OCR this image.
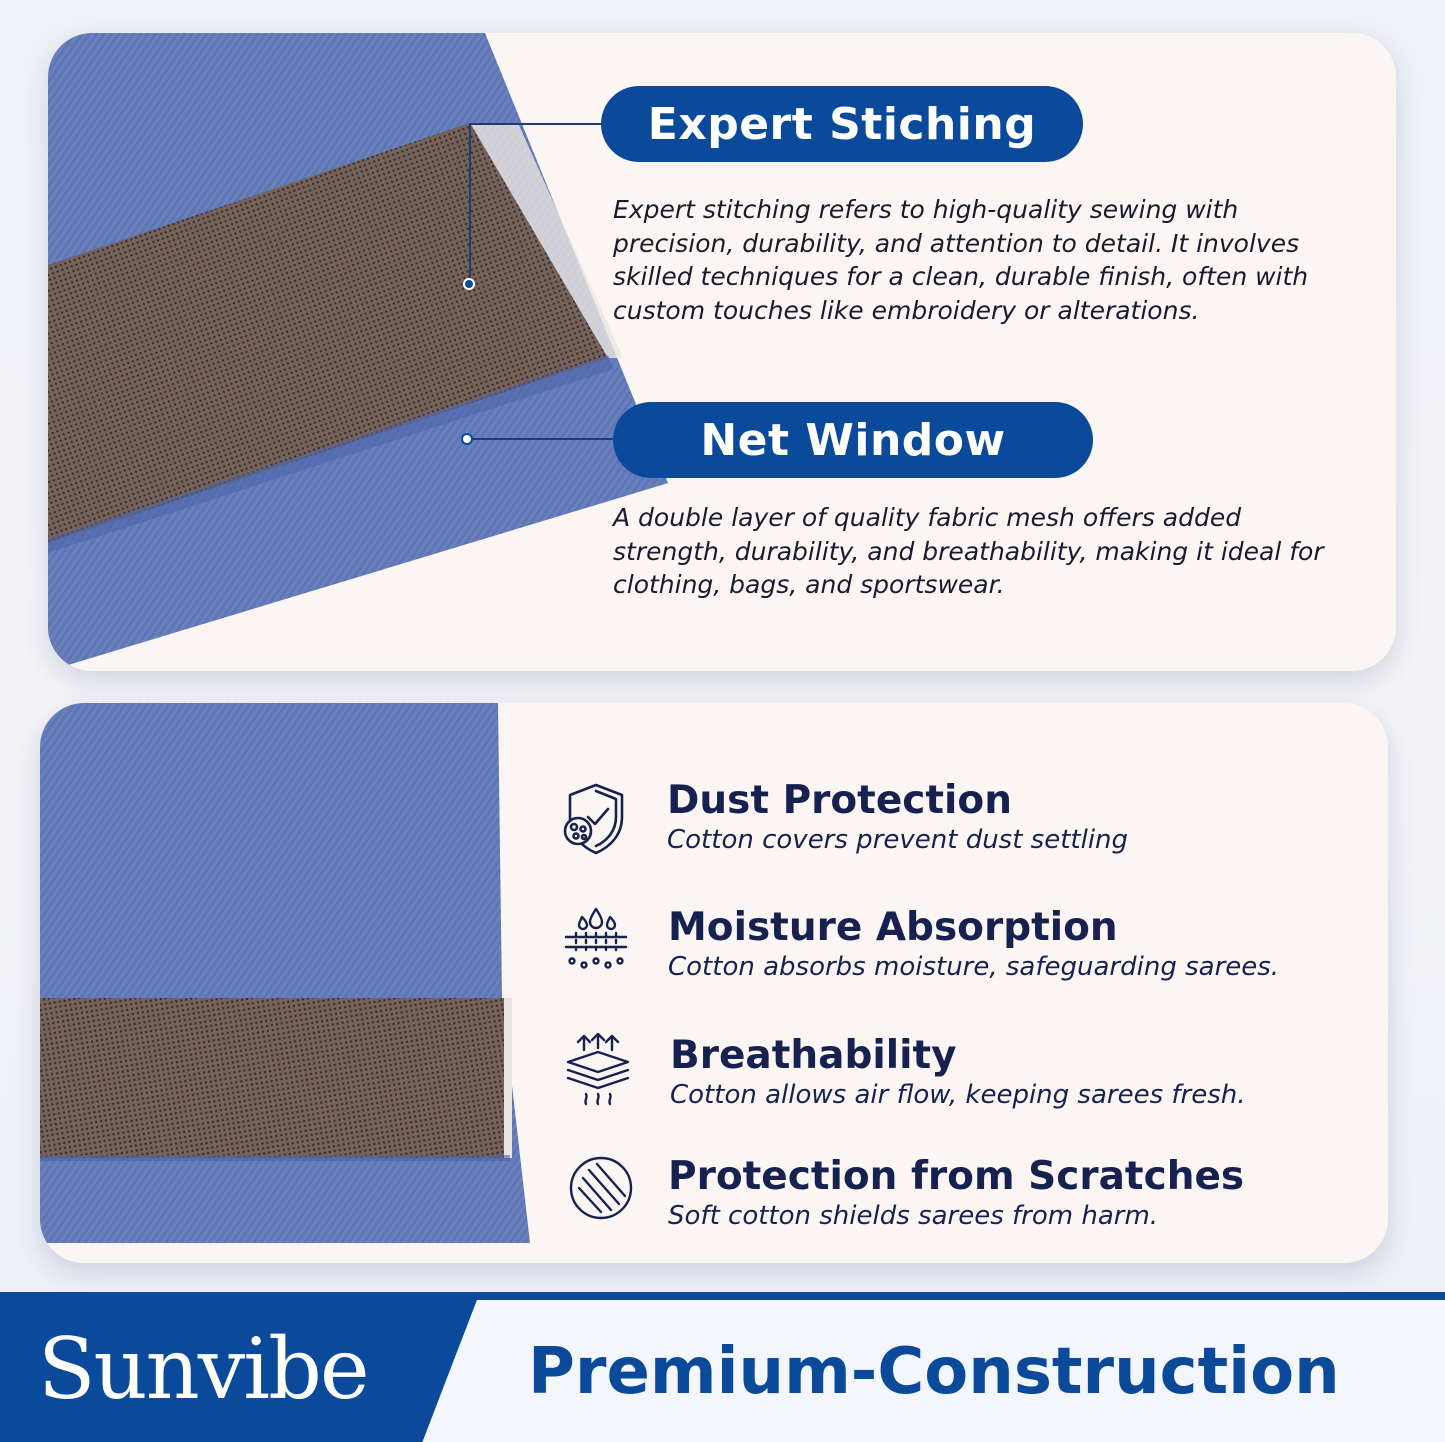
Expert Stiching

Expert stitching refers to high-quality sewing with precision, durability, and attention to detail. It involves skilled techniques for a clean, durable finish, often with custom touches like embroidery or alterations.

Net Window

A double layer of quality fabric mesh offers added strength, durability, and breathability, making it ideal for clothing, bags, and sportswear.

Dust Protection
Cotton covers prevent dust settling
Moisture Absorption
Cotton absorbs moisture, safeguarding sarees.
Breathability
Cotton allows air flow, keeping sarees fresh.
Protection from Scratches
Soft cotton shields sarees from harm.
Sunvibe	Premium-Construction
